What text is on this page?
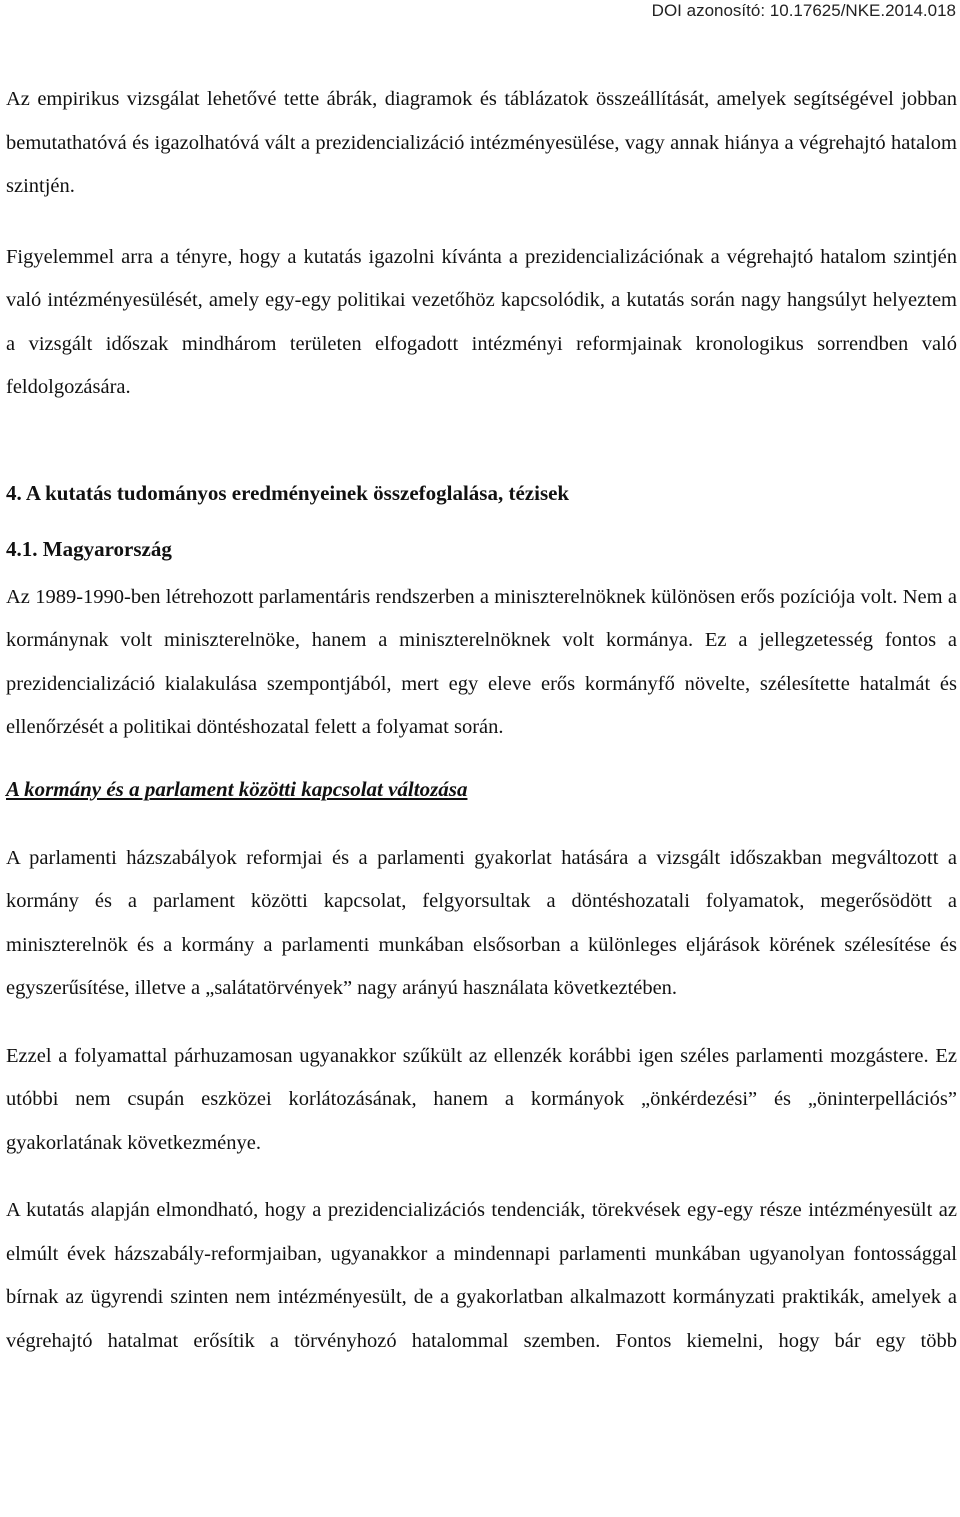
DOI azonosító: 10.17625/NKE.2014.018

Az empirikus vizsgálat lehetővé tette ábrák, diagramok és táblázatok összeállítását, amelyek segítségével jobban bemutathatóvá és igazolhatóvá vált a prezidencializáció intézményesülése, vagy annak hiánya a végrehajtó hatalom szintjén.

Figyelemmel arra a tényre, hogy a kutatás igazolni kívánta a prezidencializációnak a végrehajtó hatalom szintjén való intézményesülését, amely egy-egy politikai vezetőhöz kapcsolódik, a kutatás során nagy hangsúlyt helyeztem a vizsgált időszak mindhárom területen elfogadott intézményi reformjainak kronologikus sorrendben való feldolgozására.

4. A kutatás tudományos eredményeinek összefoglalása, tézisek
4.1. Magyarország

Az 1989-1990-ben létrehozott parlamentáris rendszerben a miniszterelnöknek különösen erős pozíciója volt. Nem a kormánynak volt miniszterelnöke, hanem a miniszterelnöknek volt kormánya. Ez a jellegzetesség fontos a prezidencializáció kialakulása szempontjából, mert egy eleve erős kormányfő növelte, szélesítette hatalmát és ellenőrzését a politikai döntéshozatal felett a folyamat során.

A kormány és a parlament közötti kapcsolat változása

A parlamenti házszabályok reformjai és a parlamenti gyakorlat hatására a vizsgált időszakban megváltozott a kormány és a parlament közötti kapcsolat, felgyorsultak a döntéshozatali folyamatok, megerősödött a miniszterelnök és a kormány a parlamenti munkában elsősorban a különleges eljárások körének szélesítése és egyszerűsítése, illetve a „salátatörvények” nagy arányú használata következtében.

Ezzel a folyamattal párhuzamosan ugyanakkor szűkült az ellenzék korábbi igen széles parlamenti mozgástere. Ez utóbbi nem csupán eszközei korlátozásának, hanem a kormányok „önkérdezési” és „öninterpellációs” gyakorlatának következménye.

A kutatás alapján elmondható, hogy a prezidencializációs tendenciák, törekvések egy-egy része intézményesült az elmúlt évek házszabály-reformjaiban, ugyanakkor a mindennapi parlamenti munkában ugyanolyan fontossággal bírnak az ügyrendi szinten nem intézményesült, de a gyakorlatban alkalmazott kormányzati praktikák, amelyek a végrehajtó hatalmat erősítik a törvényhozó hatalommal szemben. Fontos kiemelni, hogy bár egy több
